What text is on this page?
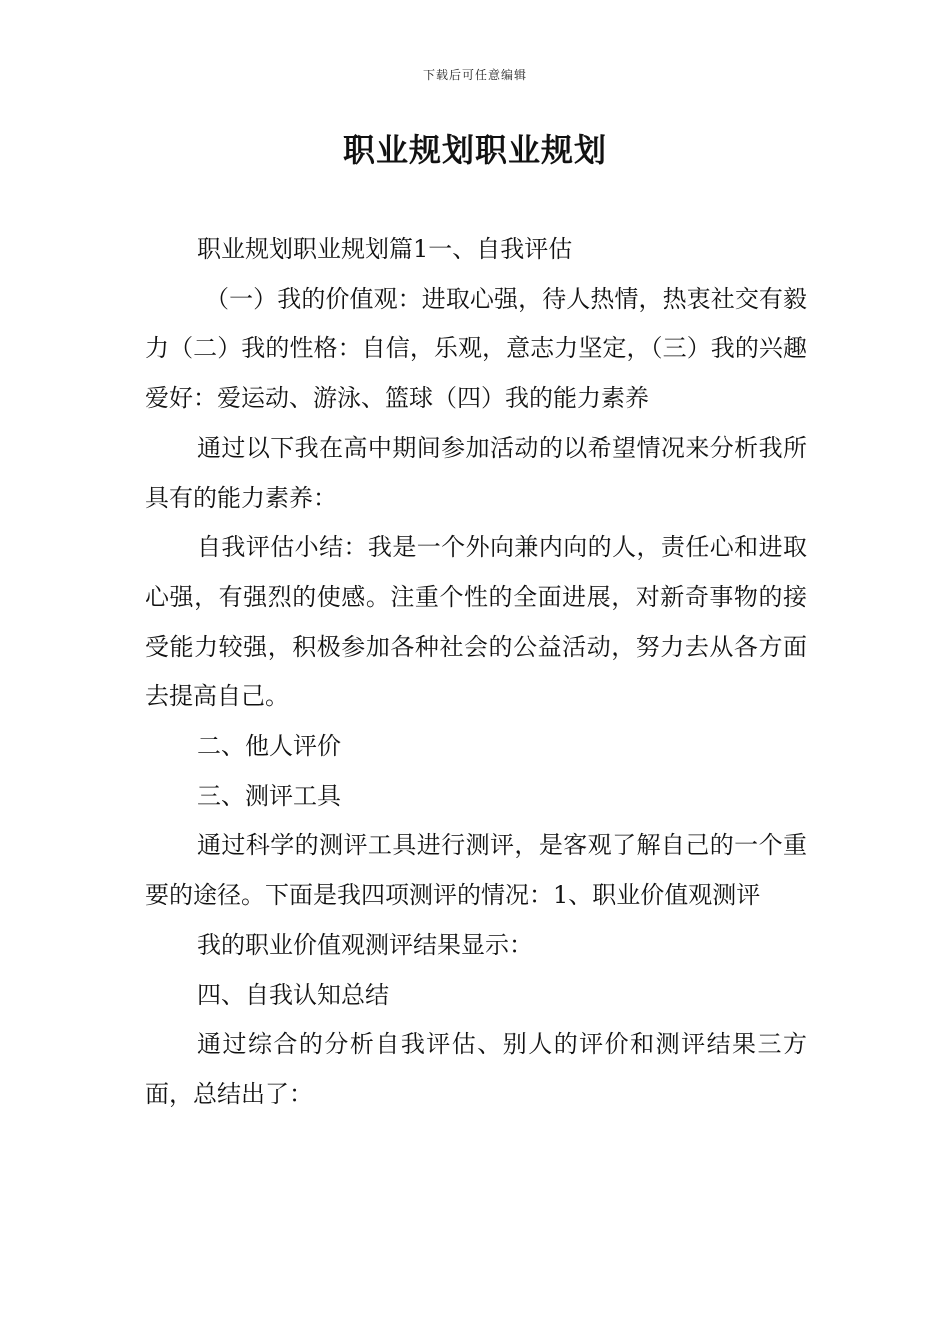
下载后可任意编辑
职业规划职业规划

职业规划职业规划篇1一、自我评估

（一）我的价值观：进取心强，待人热情，热衷社交有毅力（二）我的性格：自信，乐观，意志力坚定，（三）我的兴趣爱好：爱运动、游泳、篮球（四）我的能力素养

通过以下我在高中期间参加活动的以希望情况来分析我所具有的能力素养：

自我评估小结：我是一个外向兼内向的人，责任心和进取心强，有强烈的使感。注重个性的全面进展，对新奇事物的接受能力较强，积极参加各种社会的公益活动，努力去从各方面去提高自己。

二、他人评价

三、测评工具

通过科学的测评工具进行测评，是客观了解自己的一个重要的途径。下面是我四项测评的情况：1、职业价值观测评

我的职业价值观测评结果显示：

四、自我认知总结

通过综合的分析自我评估、别人的评价和测评结果三方面，总结出了：
